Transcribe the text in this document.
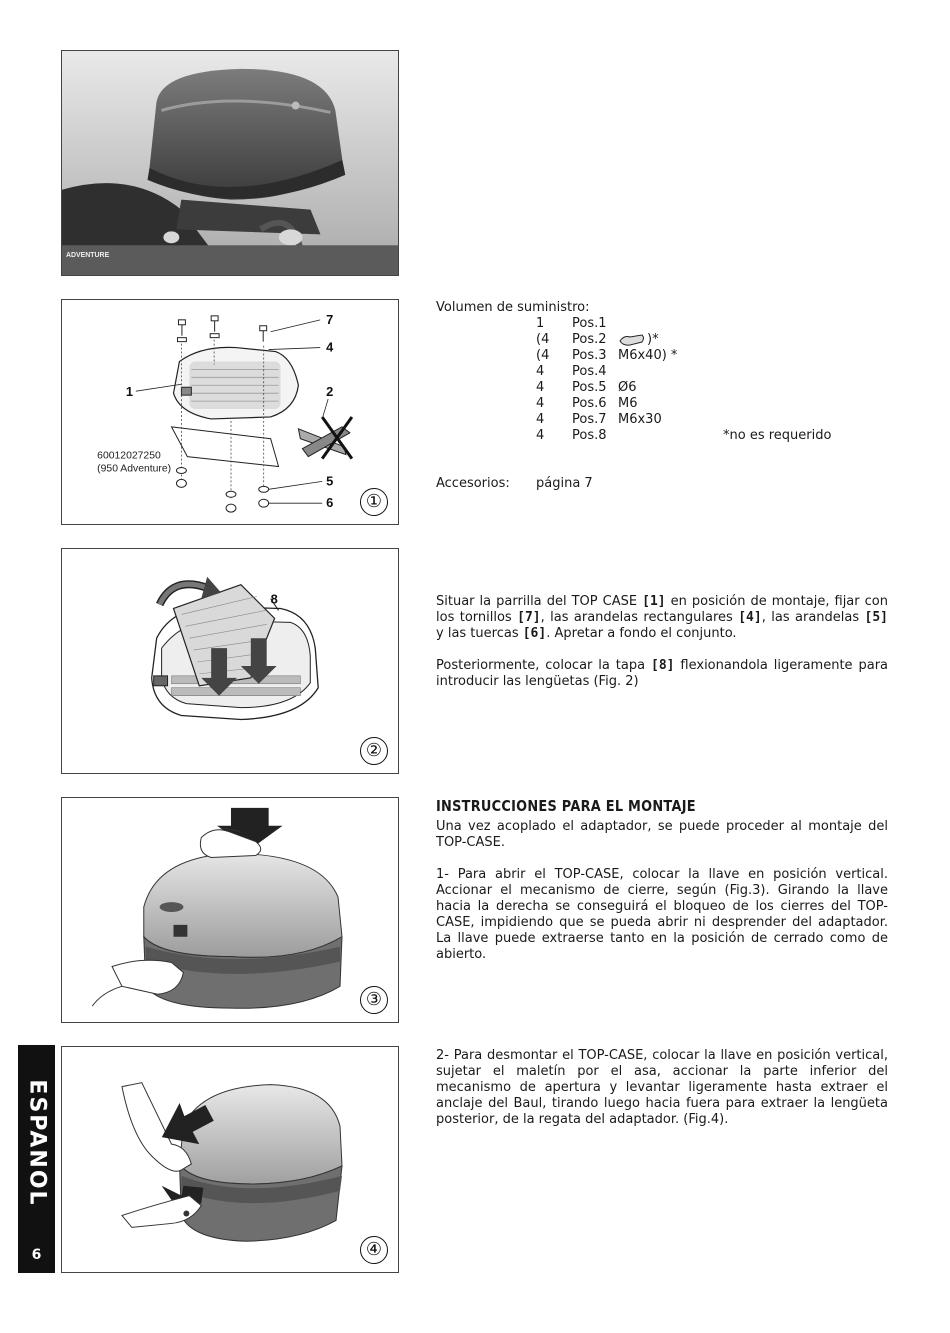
ADVENTURE
7
4
1	2
5
6
60012027250
(950 Adventure)
①
8
②
③
④
Volumen de suministro:
1 Pos.1
(4 Pos.2	)*
(4 Pos.3 M6x40) *
4 Pos.4
4 Pos.5 Ø6
4 Pos.6 M6
4 Pos.7 M6x30
4 Pos.8	*no es requerido
Accesorios: página 7

Situar la parrilla del TOP CASE [1] en posición de montaje, fijar con los tornillos [7], las arandelas rectangulares [4], las arandelas [5] y las tuercas [6]. Apretar a fondo el conjunto.

Posteriormente, colocar la tapa [8] flexionandola ligeramente para introducir las lengüetas (Fig. 2)

INSTRUCCIONES PARA EL MONTAJE

Una vez acoplado el adaptador, se puede proceder al montaje del TOP-CASE.

1- Para abrir el TOP-CASE, colocar la llave en posición vertical. Accionar el mecanismo de cierre, según (Fig.3). Girando la llave hacia la derecha se conseguirá el bloqueo de los cierres del TOP-CASE, impidiendo que se pueda abrir ni desprender del adaptador. La llave puede extraerse tanto en la posición de cerrado como de abierto.

2- Para desmontar el TOP-CASE, colocar la llave en posición vertical, sujetar el maletín por el asa, accionar la parte inferior del mecanismo de apertura y levantar ligeramente hasta extraer el anclaje del Baul, tirando luego hacia fuera para extraer la lengüeta posterior, de la regata del adaptador. (Fig.4).

ESPANOL
6
